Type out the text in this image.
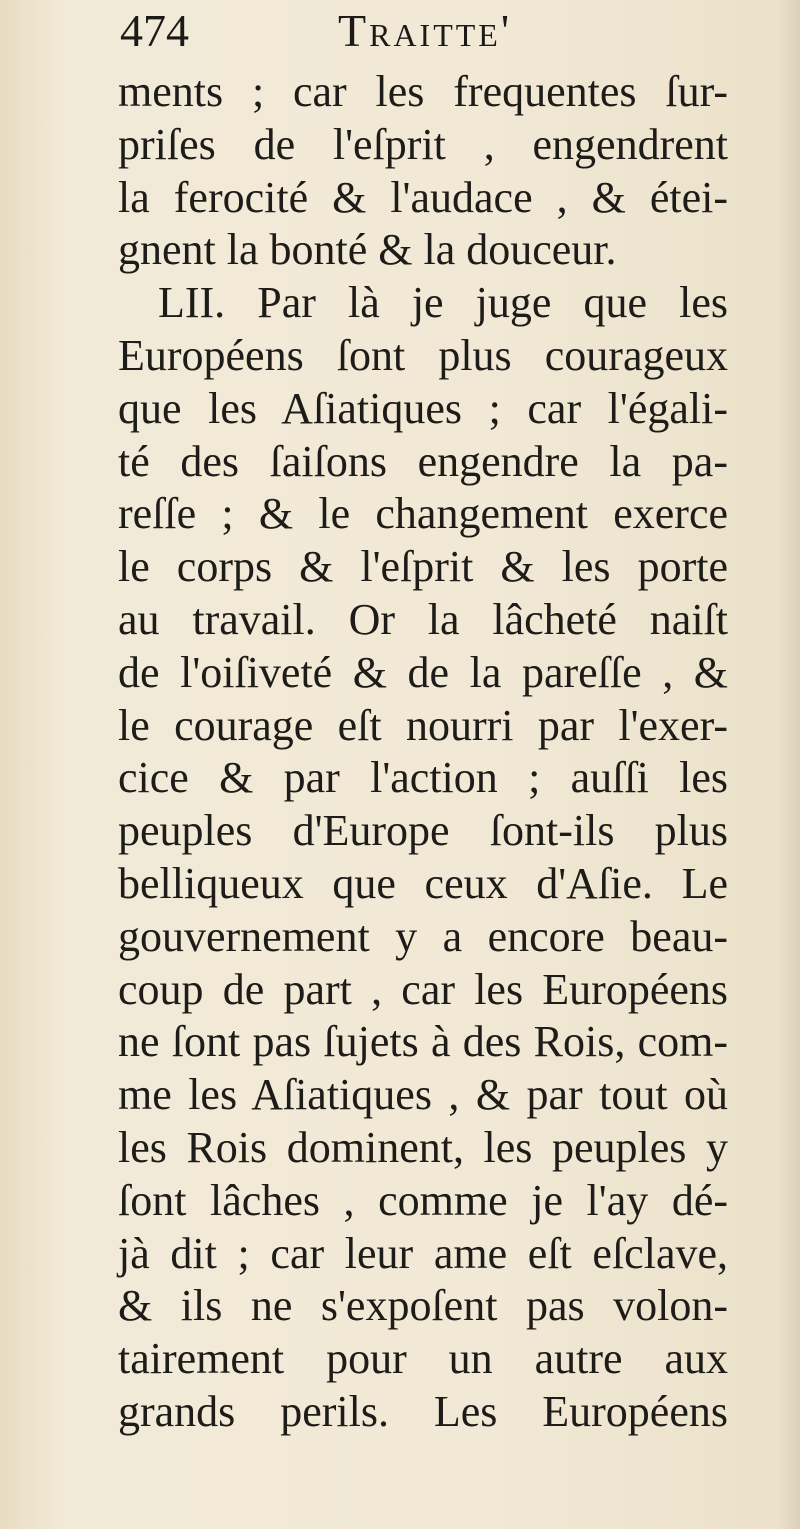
474	Traitte'
ments ; car les frequentes ſur-
priſes de l'eſprit , engendrent
la ferocité & l'audace , & étei-
gnent la bonté & la douceur.
LII. Par là je juge que les
Européens ſont plus courageux
que les Aſiatiques ; car l'égali-
té des ſaiſons engendre la pa-
reſſe ; & le changement exerce
le corps & l'eſprit & les porte
au travail. Or la lâcheté naiſt
de l'oiſiveté & de la pareſſe , &
le courage eſt nourri par l'exer-
cice & par l'action ; auſſi les
peuples d'Europe ſont-ils plus
belliqueux que ceux d'Aſie. Le
gouvernement y a encore beau-
coup de part , car les Européens
ne ſont pas ſujets à des Rois, com-
me les Aſiatiques , & par tout où
les Rois dominent, les peuples y
ſont lâches , comme je l'ay dé-
jà dit ; car leur ame eſt eſclave,
& ils ne s'expoſent pas volon-
tairement pour un autre aux
grands perils. Les Européens
